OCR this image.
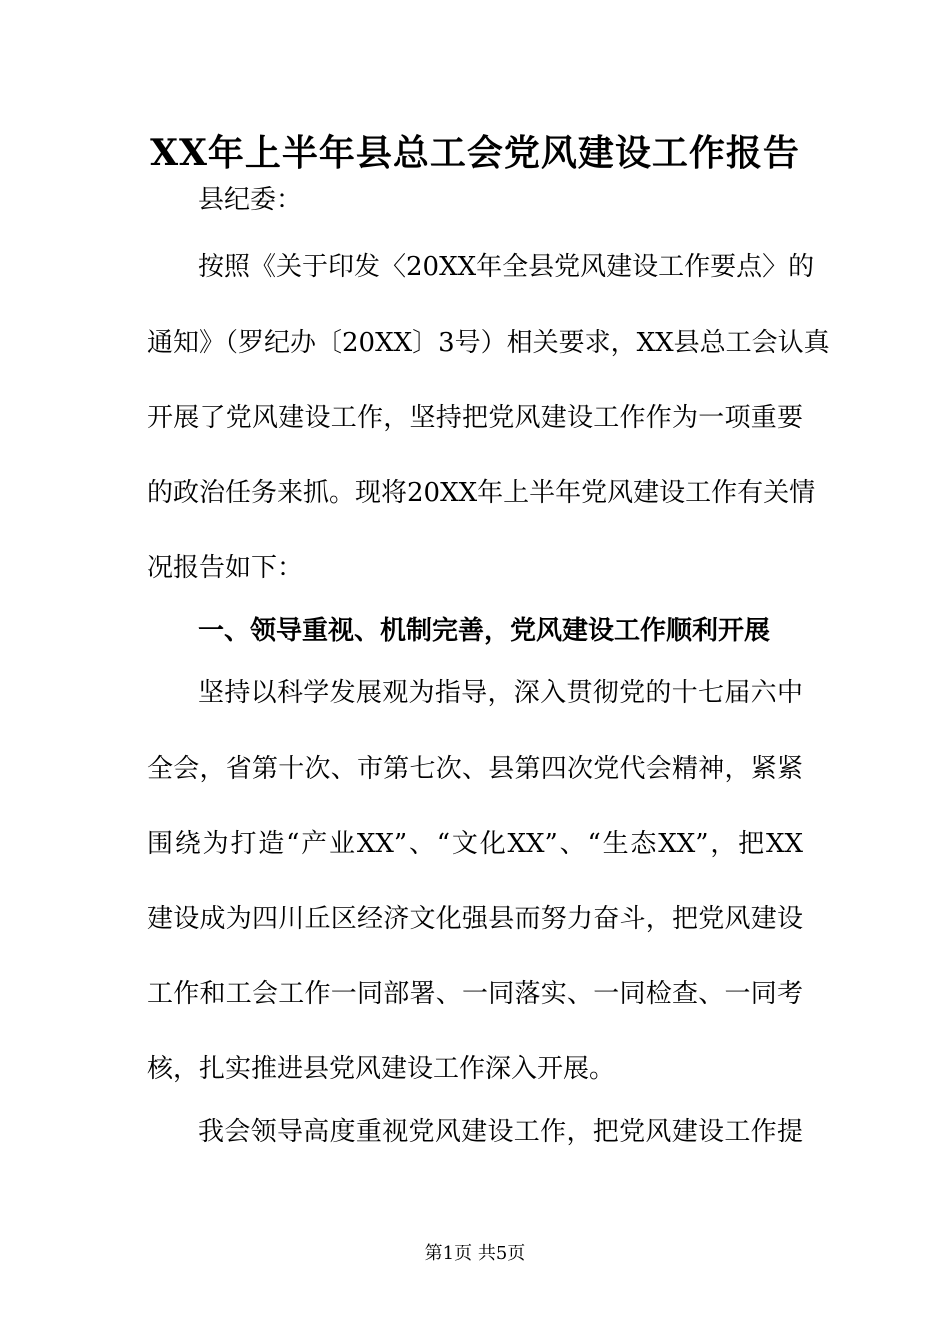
XX年上半年县总工会党风建设工作报告
县纪委：
按照《关于印发〈20XX年全县党风建设工作要点〉的
通知》（罗纪办〔20XX〕3号）相关要求，XX县总工会认真
开展了党风建设工作，坚持把党风建设工作作为一项重要
的政治任务来抓。现将20XX年上半年党风建设工作有关情
况报告如下：
一、领导重视、机制完善，党风建设工作顺利开展
坚持以科学发展观为指导，深入贯彻党的十七届六中
全会，省第十次、市第七次、县第四次党代会精神，紧紧
围绕为打造“产业XX”、“文化XX”、“生态XX”，把XX
建设成为四川丘区经济文化强县而努力奋斗，把党风建设
工作和工会工作一同部署、一同落实、一同检查、一同考
核，扎实推进县党风建设工作深入开展。
我会领导高度重视党风建设工作，把党风建设工作提
第1页 共5页
